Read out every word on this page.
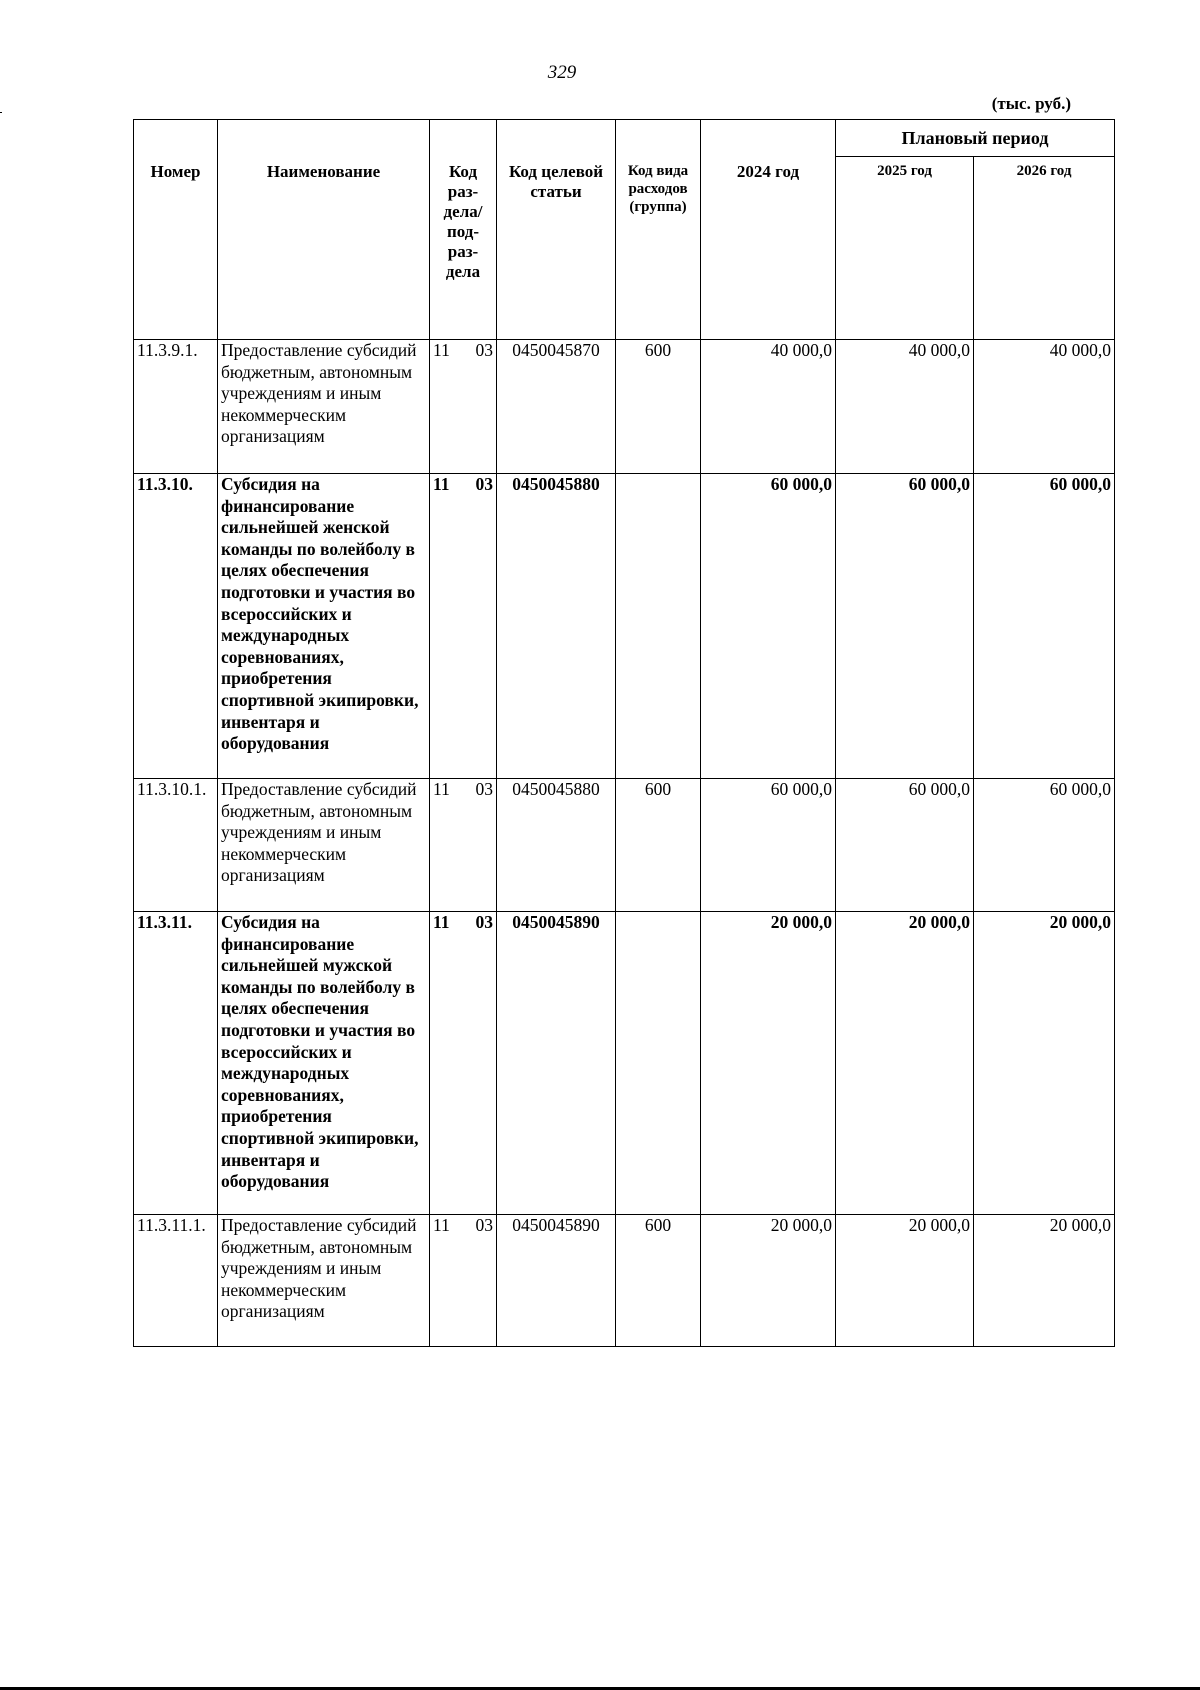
329
(тыс. руб.)
Номер	Наименование	Код раз- дела/ под- раз- дела	Код целевой статьи	Код вида расходов (группа)	2024 год	Плановый период	
						2025 год	2026 год
11.3.9.1.	Предоставление субсидий бюджетным, автономным учреждениям и иным некоммерческим организациям	11 03	0450045870	600	40 000,0	40 000,0	40 000,0
11.3.10.	Субсидия на финансирование сильнейшей женской команды по волейболу в целях обеспечения подготовки и участия во всероссийских и международных соревнованиях, приобретения спортивной экипировки, инвентаря и оборудования	11 03	0450045880		60 000,0	60 000,0	60 000,0
11.3.10.1.	Предоставление субсидий бюджетным, автономным учреждениям и иным некоммерческим организациям	11 03	0450045880	600	60 000,0	60 000,0	60 000,0
11.3.11.	Субсидия на финансирование сильнейшей мужской команды по волейболу в целях обеспечения подготовки и участия во всероссийских и международных соревнованиях, приобретения спортивной экипировки, инвентаря и оборудования	11 03	0450045890		20 000,0	20 000,0	20 000,0
11.3.11.1.	Предоставление субсидий бюджетным, автономным учреждениям и иным некоммерческим организациям	11 03	0450045890	600	20 000,0	20 000,0	20 000,0
